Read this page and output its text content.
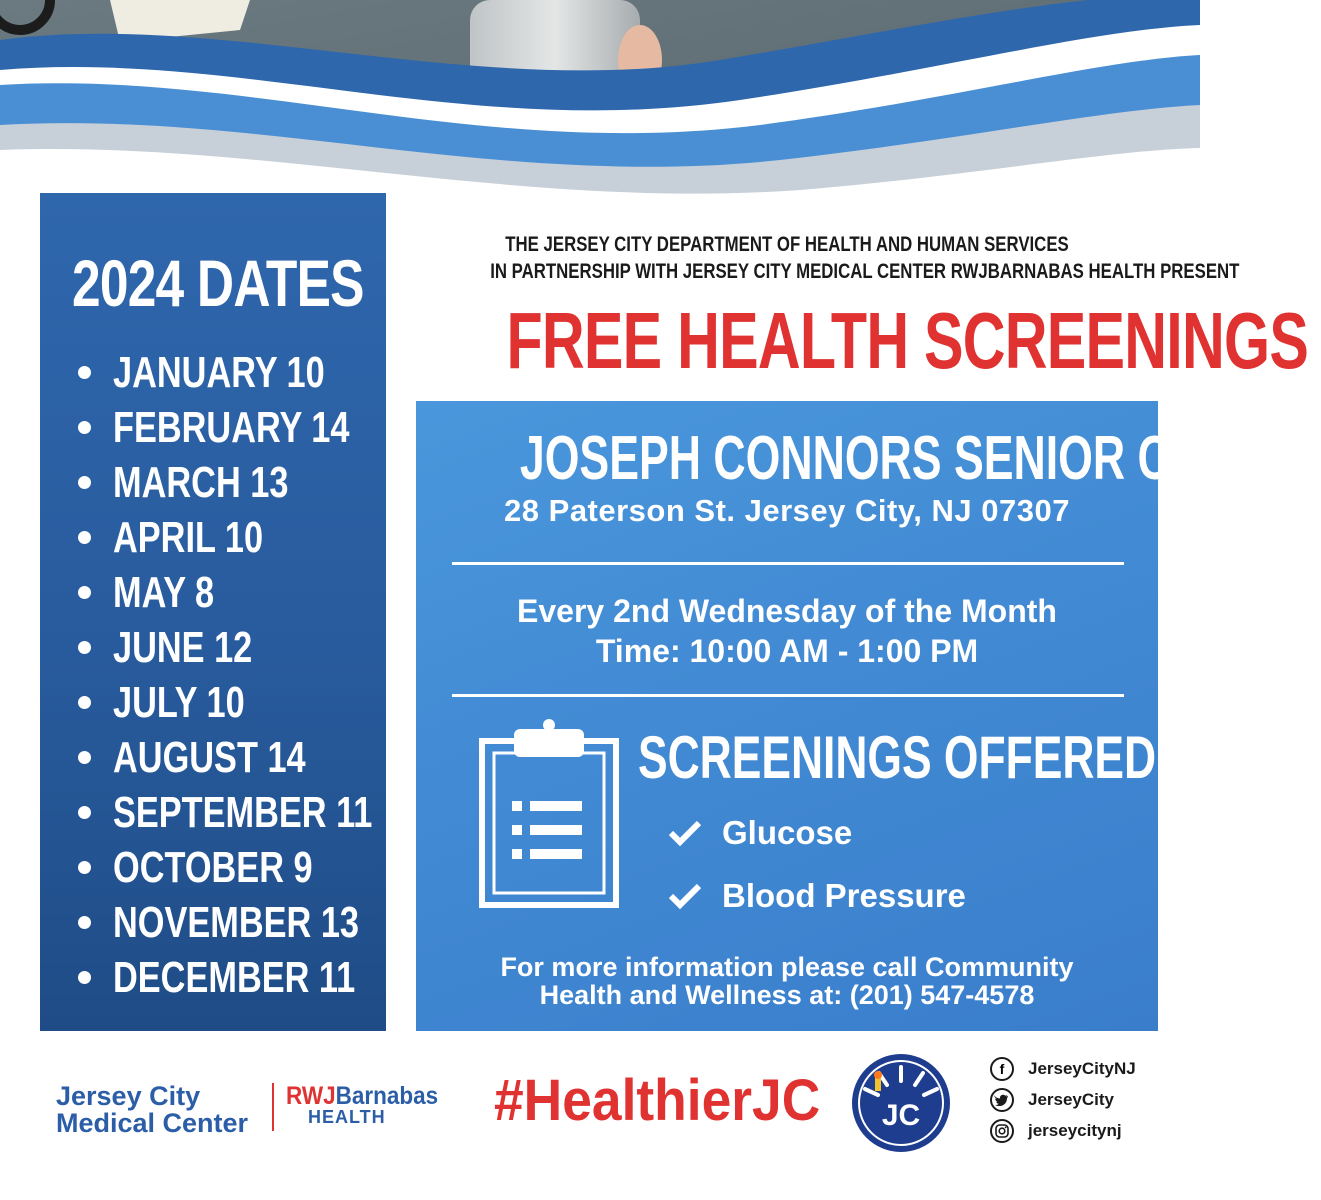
2024 DATES
JANUARY 10
FEBRUARY 14
MARCH 13
APRIL 10
MAY 8
JUNE 12
JULY 10
AUGUST 14
SEPTEMBER 11
OCTOBER 9
NOVEMBER 13
DECEMBER 11
THE JERSEY CITY DEPARTMENT OF HEALTH AND HUMAN SERVICES
IN PARTNERSHIP WITH JERSEY CITY MEDICAL CENTER RWJBARNABAS HEALTH PRESENT
FREE HEALTH SCREENINGS
JOSEPH CONNORS SENIOR CENTER
28 Paterson St. Jersey City, NJ 07307
Every 2nd Wednesday of the Month
Time: 10:00 AM - 1:00 PM
SCREENINGS OFFERED
Glucose
Blood Pressure
For more information please call Community
Health and Wellness at: (201) 547-4578
Jersey City
Medical Center
RWJBarnabas
HEALTH #HealthierJC JC
f JerseyCityNJ
JerseyCity
jerseycitynj
